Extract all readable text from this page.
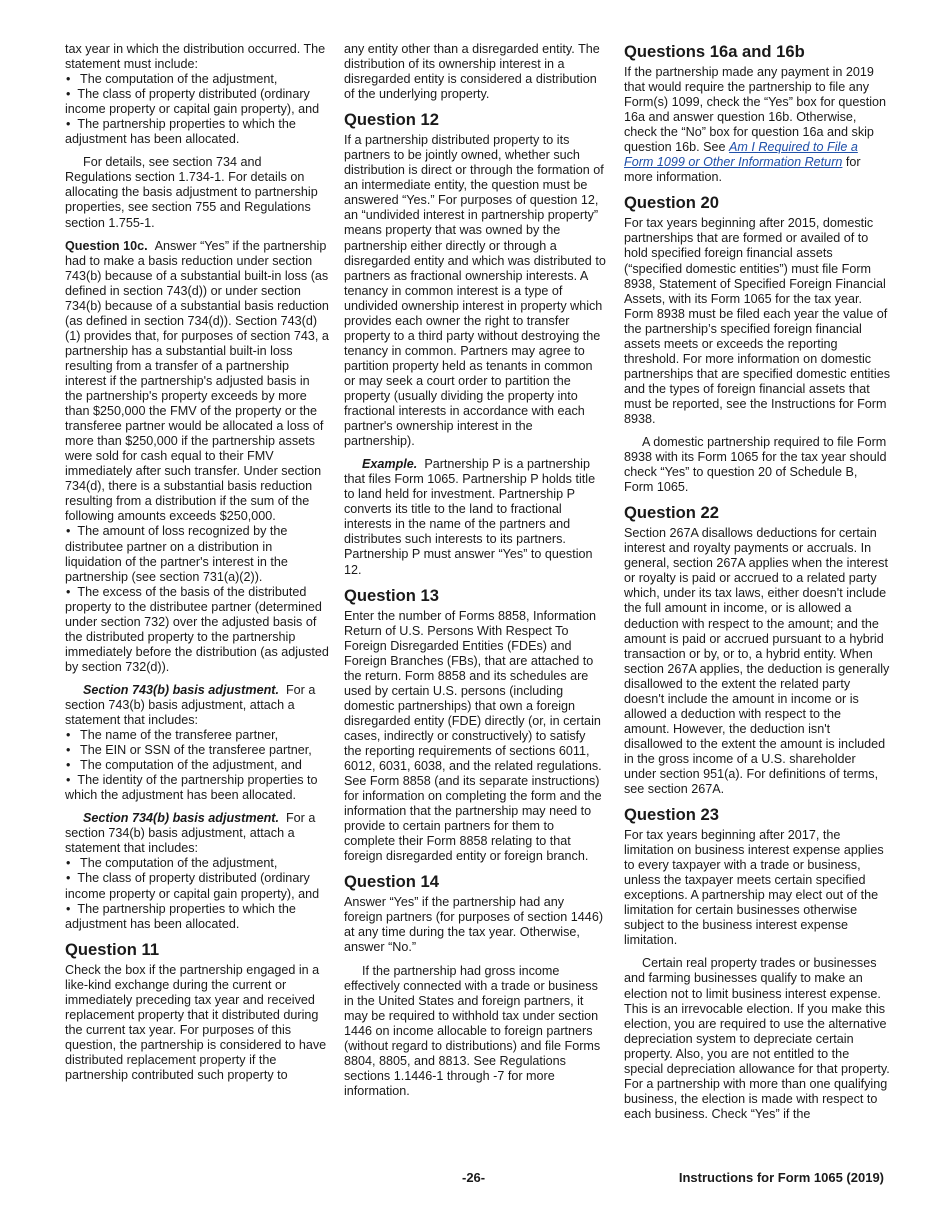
tax year in which the distribution occurred. The statement must include:

• The computation of the adjustment,

• The class of property distributed (ordinary income property or capital gain property), and

• The partnership properties to which the adjustment has been allocated.

For details, see section 734 and Regulations section 1.734-1. For details on allocating the basis adjustment to partnership properties, see section 755 and Regulations section 1.755-1.

Question 10c. Answer “Yes” if the partnership had to make a basis reduction under section 743(b) because of a substantial built-in loss (as defined in section 743(d)) or under section 734(b) because of a substantial basis reduction (as defined in section 734(d)). Section 743(d)(1) provides that, for purposes of section 743, a partnership has a substantial built-in loss resulting from a transfer of a partnership interest if the partnership's adjusted basis in the partnership's property exceeds by more than $250,000 the FMV of the property or the transferee partner would be allocated a loss of more than $250,000 if the partnership assets were sold for cash equal to their FMV immediately after such transfer. Under section 734(d), there is a substantial basis reduction resulting from a distribution if the sum of the following amounts exceeds $250,000.

• The amount of loss recognized by the distributee partner on a distribution in liquidation of the partner's interest in the partnership (see section 731(a)(2)).

• The excess of the basis of the distributed property to the distributee partner (determined under section 732) over the adjusted basis of the distributed property to the partnership immediately before the distribution (as adjusted by section 732(d)).

Section 743(b) basis adjustment. For a section 743(b) basis adjustment, attach a statement that includes:

• The name of the transferee partner,

• The EIN or SSN of the transferee partner,

• The computation of the adjustment, and

• The identity of the partnership properties to which the adjustment has been allocated.

Section 734(b) basis adjustment. For a section 734(b) basis adjustment, attach a statement that includes:

• The computation of the adjustment,

• The class of property distributed (ordinary income property or capital gain property), and

• The partnership properties to which the adjustment has been allocated.

Question 11

Check the box if the partnership engaged in a like-kind exchange during the current or immediately preceding tax year and received replacement property that it distributed during the current tax year. For purposes of this question, the partnership is considered to have distributed replacement property if the partnership contributed such property to

any entity other than a disregarded entity. The distribution of its ownership interest in a disregarded entity is considered a distribution of the underlying property.

Question 12

If a partnership distributed property to its partners to be jointly owned, whether such distribution is direct or through the formation of an intermediate entity, the question must be answered “Yes.” For purposes of question 12, an “undivided interest in partnership property” means property that was owned by the partnership either directly or through a disregarded entity and which was distributed to partners as fractional ownership interests. A tenancy in common interest is a type of undivided ownership interest in property which provides each owner the right to transfer property to a third party without destroying the tenancy in common. Partners may agree to partition property held as tenants in common or may seek a court order to partition the property (usually dividing the property into fractional interests in accordance with each partner's ownership interest in the partnership).

Example. Partnership P is a partnership that files Form 1065. Partnership P holds title to land held for investment. Partnership P converts its title to the land to fractional interests in the name of the partners and distributes such interests to its partners. Partnership P must answer “Yes” to question 12.

Question 13

Enter the number of Forms 8858, Information Return of U.S. Persons With Respect To Foreign Disregarded Entities (FDEs) and Foreign Branches (FBs), that are attached to the return. Form 8858 and its schedules are used by certain U.S. persons (including domestic partnerships) that own a foreign disregarded entity (FDE) directly (or, in certain cases, indirectly or constructively) to satisfy the reporting requirements of sections 6011, 6012, 6031, 6038, and the related regulations. See Form 8858 (and its separate instructions) for information on completing the form and the information that the partnership may need to provide to certain partners for them to complete their Form 8858 relating to that foreign disregarded entity or foreign branch.

Question 14

Answer “Yes” if the partnership had any foreign partners (for purposes of section 1446) at any time during the tax year. Otherwise, answer “No.”

If the partnership had gross income effectively connected with a trade or business in the United States and foreign partners, it may be required to withhold tax under section 1446 on income allocable to foreign partners (without regard to distributions) and file Forms 8804, 8805, and 8813. See Regulations sections 1.1446-1 through -7 for more information.

Questions 16a and 16b

If the partnership made any payment in 2019 that would require the partnership to file any Form(s) 1099, check the “Yes” box for question 16a and answer question 16b. Otherwise, check the “No” box for question 16a and skip question 16b. See Am I Required to File a Form 1099 or Other Information Return for more information.

Question 20

For tax years beginning after 2015, domestic partnerships that are formed or availed of to hold specified foreign financial assets (“specified domestic entities”) must file Form 8938, Statement of Specified Foreign Financial Assets, with its Form 1065 for the tax year. Form 8938 must be filed each year the value of the partnership’s specified foreign financial assets meets or exceeds the reporting threshold. For more information on domestic partnerships that are specified domestic entities and the types of foreign financial assets that must be reported, see the Instructions for Form 8938.

A domestic partnership required to file Form 8938 with its Form 1065 for the tax year should check “Yes” to question 20 of Schedule B, Form 1065.

Question 22

Section 267A disallows deductions for certain interest and royalty payments or accruals. In general, section 267A applies when the interest or royalty is paid or accrued to a related party which, under its tax laws, either doesn't include the full amount in income, or is allowed a deduction with respect to the amount; and the amount is paid or accrued pursuant to a hybrid transaction or by, or to, a hybrid entity. When section 267A applies, the deduction is generally disallowed to the extent the related party doesn't include the amount in income or is allowed a deduction with respect to the amount. However, the deduction isn't disallowed to the extent the amount is included in the gross income of a U.S. shareholder under section 951(a). For definitions of terms, see section 267A.

Question 23

For tax years beginning after 2017, the limitation on business interest expense applies to every taxpayer with a trade or business, unless the taxpayer meets certain specified exceptions. A partnership may elect out of the limitation for certain businesses otherwise subject to the business interest expense limitation.

Certain real property trades or businesses and farming businesses qualify to make an election not to limit business interest expense. This is an irrevocable election. If you make this election, you are required to use the alternative depreciation system to depreciate certain property. Also, you are not entitled to the special depreciation allowance for that property. For a partnership with more than one qualifying business, the election is made with respect to each business. Check “Yes” if the

-26-	Instructions for Form 1065 (2019)
